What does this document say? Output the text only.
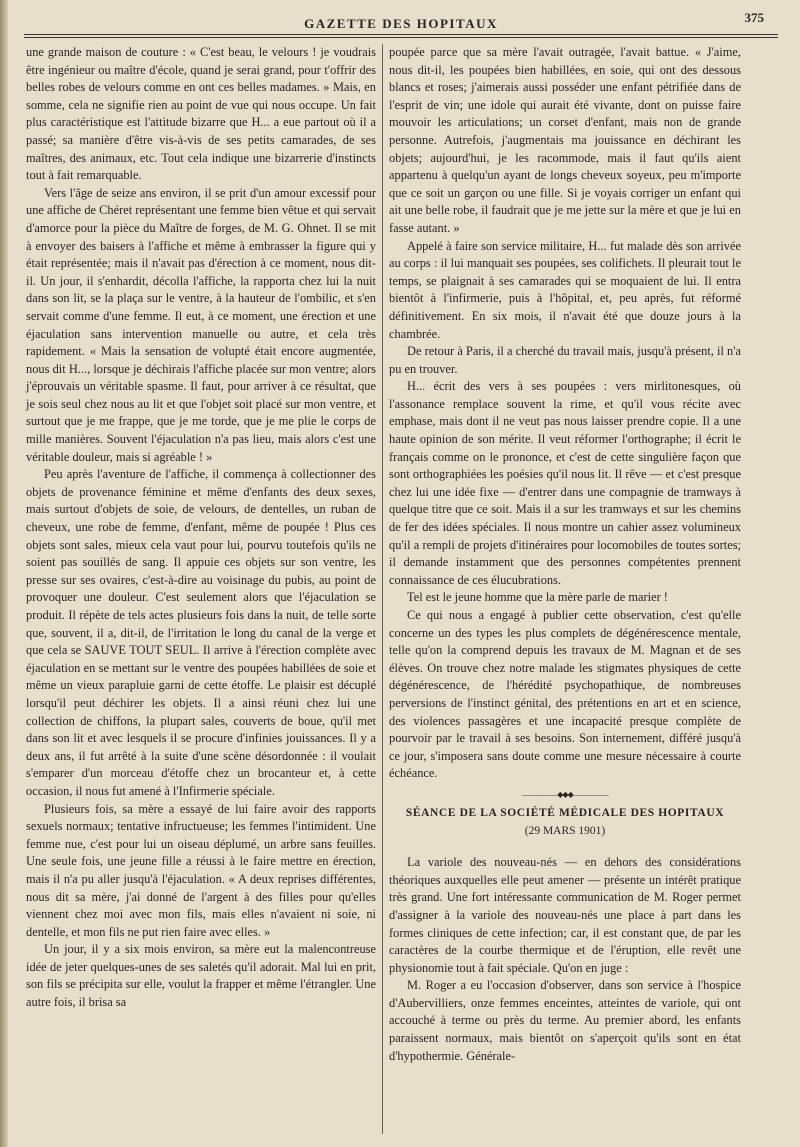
GAZETTE DES HOPITAUX	375

une grande maison de couture : « C'est beau, le velours ! je voudrais être ingénieur ou maître d'école, quand je serai grand, pour t'offrir des belles robes de velours comme en ont ces belles madames. » Mais, en somme, cela ne signifie rien au point de vue qui nous occupe. Un fait plus caractéristique est l'attitude bizarre que H... a eue partout où il a passé; sa manière d'être vis-à-vis de ses petits camarades, de ses maîtres, des animaux, etc. Tout cela indique une bizarrerie d'instincts tout à fait remarquable.

Vers l'âge de seize ans environ, il se prit d'un amour excessif pour une affiche de Chéret représentant une femme bien vêtue et qui servait d'amorce pour la pièce du Maître de forges, de M. G. Ohnet. Il se mit à envoyer des baisers à l'affiche et même à embrasser la figure qui y était représentée; mais il n'avait pas d'érection à ce moment, nous dit-il. Un jour, il s'enhardit, décolla l'affiche, la rapporta chez lui la nuit dans son lit, se la plaça sur le ventre, à la hauteur de l'ombilic, et s'en servait comme d'une femme. Il eut, à ce moment, une érection et une éjaculation sans intervention manuelle ou autre, et cela très rapidement. « Mais la sensation de volupté était encore augmentée, nous dit H..., lorsque je déchirais l'affiche placée sur mon ventre; alors j'éprouvais un véritable spasme. Il faut, pour arriver à ce résultat, que je sois seul chez nous au lit et que l'objet soit placé sur mon ventre, et surtout que je me frappe, que je me torde, que je me plie le corps de mille manières. Souvent l'éjaculation n'a pas lieu, mais alors c'est une véritable douleur, mais si agréable ! »

Peu après l'aventure de l'affiche, il commença à collectionner des objets de provenance féminine et même d'enfants des deux sexes, mais surtout d'objets de soie, de velours, de dentelles, un ruban de cheveux, une robe de femme, d'enfant, même de poupée ! Plus ces objets sont sales, mieux cela vaut pour lui, pourvu toutefois qu'ils ne soient pas souillés de sang. Il appuie ces objets sur son ventre, les presse sur ses ovaires, c'est-à-dire au voisinage du pubis, au point de provoquer une douleur. C'est seulement alors que l'éjaculation se produit. Il répète de tels actes plusieurs fois dans la nuit, de telle sorte que, souvent, il a, dit-il, de l'irritation le long du canal de la verge et que cela se SAUVE TOUT SEUL. Il arrive à l'érection complète avec éjaculation en se mettant sur le ventre des poupées habillées de soie et même un vieux parapluie garni de cette étoffe. Le plaisir est décuplé lorsqu'il peut déchirer les objets. Il a ainsi réuni chez lui une collection de chiffons, la plupart sales, couverts de boue, qu'il met dans son lit et avec lesquels il se procure d'infinies jouissances. Il y a deux ans, il fut arrêté à la suite d'une scène désordonnée : il voulait s'emparer d'un morceau d'étoffe chez un brocanteur et, à cette occasion, il nous fut amené à l'Infirmerie spéciale.

Plusieurs fois, sa mère a essayé de lui faire avoir des rapports sexuels normaux; tentative infructueuse; les femmes l'intimident. Une femme nue, c'est pour lui un oiseau déplumé, un arbre sans feuilles. Une seule fois, une jeune fille a réussi à le faire mettre en érection, mais il n'a pu aller jusqu'à l'éjaculation. « A deux reprises différentes, nous dit sa mère, j'ai donné de l'argent à des filles pour qu'elles viennent chez moi avec mon fils, mais elles n'avaient ni soie, ni dentelle, et mon fils ne put rien faire avec elles. »

Un jour, il y a six mois environ, sa mère eut la malencontreuse idée de jeter quelques-unes de ses saletés qu'il adorait. Mal lui en prit, son fils se précipita sur elle, voulut la frapper et même l'étrangler. Une autre fois, il brisa sa

poupée parce que sa mère l'avait outragée, l'avait battue. « J'aime, nous dit-il, les poupées bien habillées, en soie, qui ont des dessous blancs et roses; j'aimerais aussi posséder une enfant pétrifiée dans de l'esprit de vin; une idole qui aurait été vivante, dont on puisse faire mouvoir les articulations; un corset d'enfant, mais non de grande personne. Autrefois, j'augmentais ma jouissance en déchirant les objets; aujourd'hui, je les racommode, mais il faut qu'ils aient appartenu à quelqu'un ayant de longs cheveux soyeux, peu m'importe que ce soit un garçon ou une fille. Si je voyais corriger un enfant qui ait une belle robe, il faudrait que je me jette sur la mère et que je lui en fasse autant. »

Appelé à faire son service militaire, H... fut malade dès son arrivée au corps : il lui manquait ses poupées, ses colifichets. Il pleurait tout le temps, se plaignait à ses camarades qui se moquaient de lui. Il entra bientôt à l'infirmerie, puis à l'hôpital, et, peu après, fut réformé définitivement. En six mois, il n'avait été que douze jours à la chambrée.

De retour à Paris, il a cherché du travail mais, jusqu'à présent, il n'a pu en trouver.

H... écrit des vers à ses poupées : vers mirlitonesques, où l'assonance remplace souvent la rime, et qu'il vous récite avec emphase, mais dont il ne veut pas nous laisser prendre copie. Il a une haute opinion de son mérite. Il veut réformer l'orthographe; il écrit le français comme on le prononce, et c'est de cette singulière façon que sont orthographiées les poésies qu'il nous lit. Il rêve — et c'est presque chez lui une idée fixe — d'entrer dans une compagnie de tramways à quelque titre que ce soit. Mais il a sur les tramways et sur les chemins de fer des idées spéciales. Il nous montre un cahier assez volumineux qu'il a rempli de projets d'itinéraires pour locomobiles de toutes sortes; il demande instamment que des personnes compétentes prennent connaissance de ces élucubrations.

Tel est le jeune homme que la mère parle de marier !

Ce qui nous a engagé à publier cette observation, c'est qu'elle concerne un des types les plus complets de dégénérescence mentale, telle qu'on la comprend depuis les travaux de M. Magnan et de ses élèves. On trouve chez notre malade les stigmates physiques de cette dégénérescence, de l'hérédité psychopathique, de nombreuses perversions de l'instinct génital, des prétentions en art et en science, des violences passagères et une incapacité presque complète de pourvoir par le travail à ses besoins. Son internement, différé jusqu'à ce jour, s'imposera sans doute comme une mesure nécessaire à courte échéance.

—————◆◆◆—————
SÉANCE DE LA SOCIÉTÉ MÉDICALE DES HOPITAUX
(29 MARS 1901)

La variole des nouveau-nés — en dehors des considérations théoriques auxquelles elle peut amener — présente un intérêt pratique très grand. Une fort intéressante communication de M. Roger permet d'assigner à la variole des nouveau-nés une place à part dans les formes cliniques de cette infection; car, il est constant que, de par les caractères de la courbe thermique et de l'éruption, elle revêt une physionomie tout à fait spéciale. Qu'on en juge :

M. Roger a eu l'occasion d'observer, dans son service à l'hospice d'Aubervilliers, onze femmes enceintes, atteintes de variole, qui ont accouché à terme ou près du terme. Au premier abord, les enfants paraissent normaux, mais bientôt on s'aperçoit qu'ils sont en état d'hypothermie. Générale-
